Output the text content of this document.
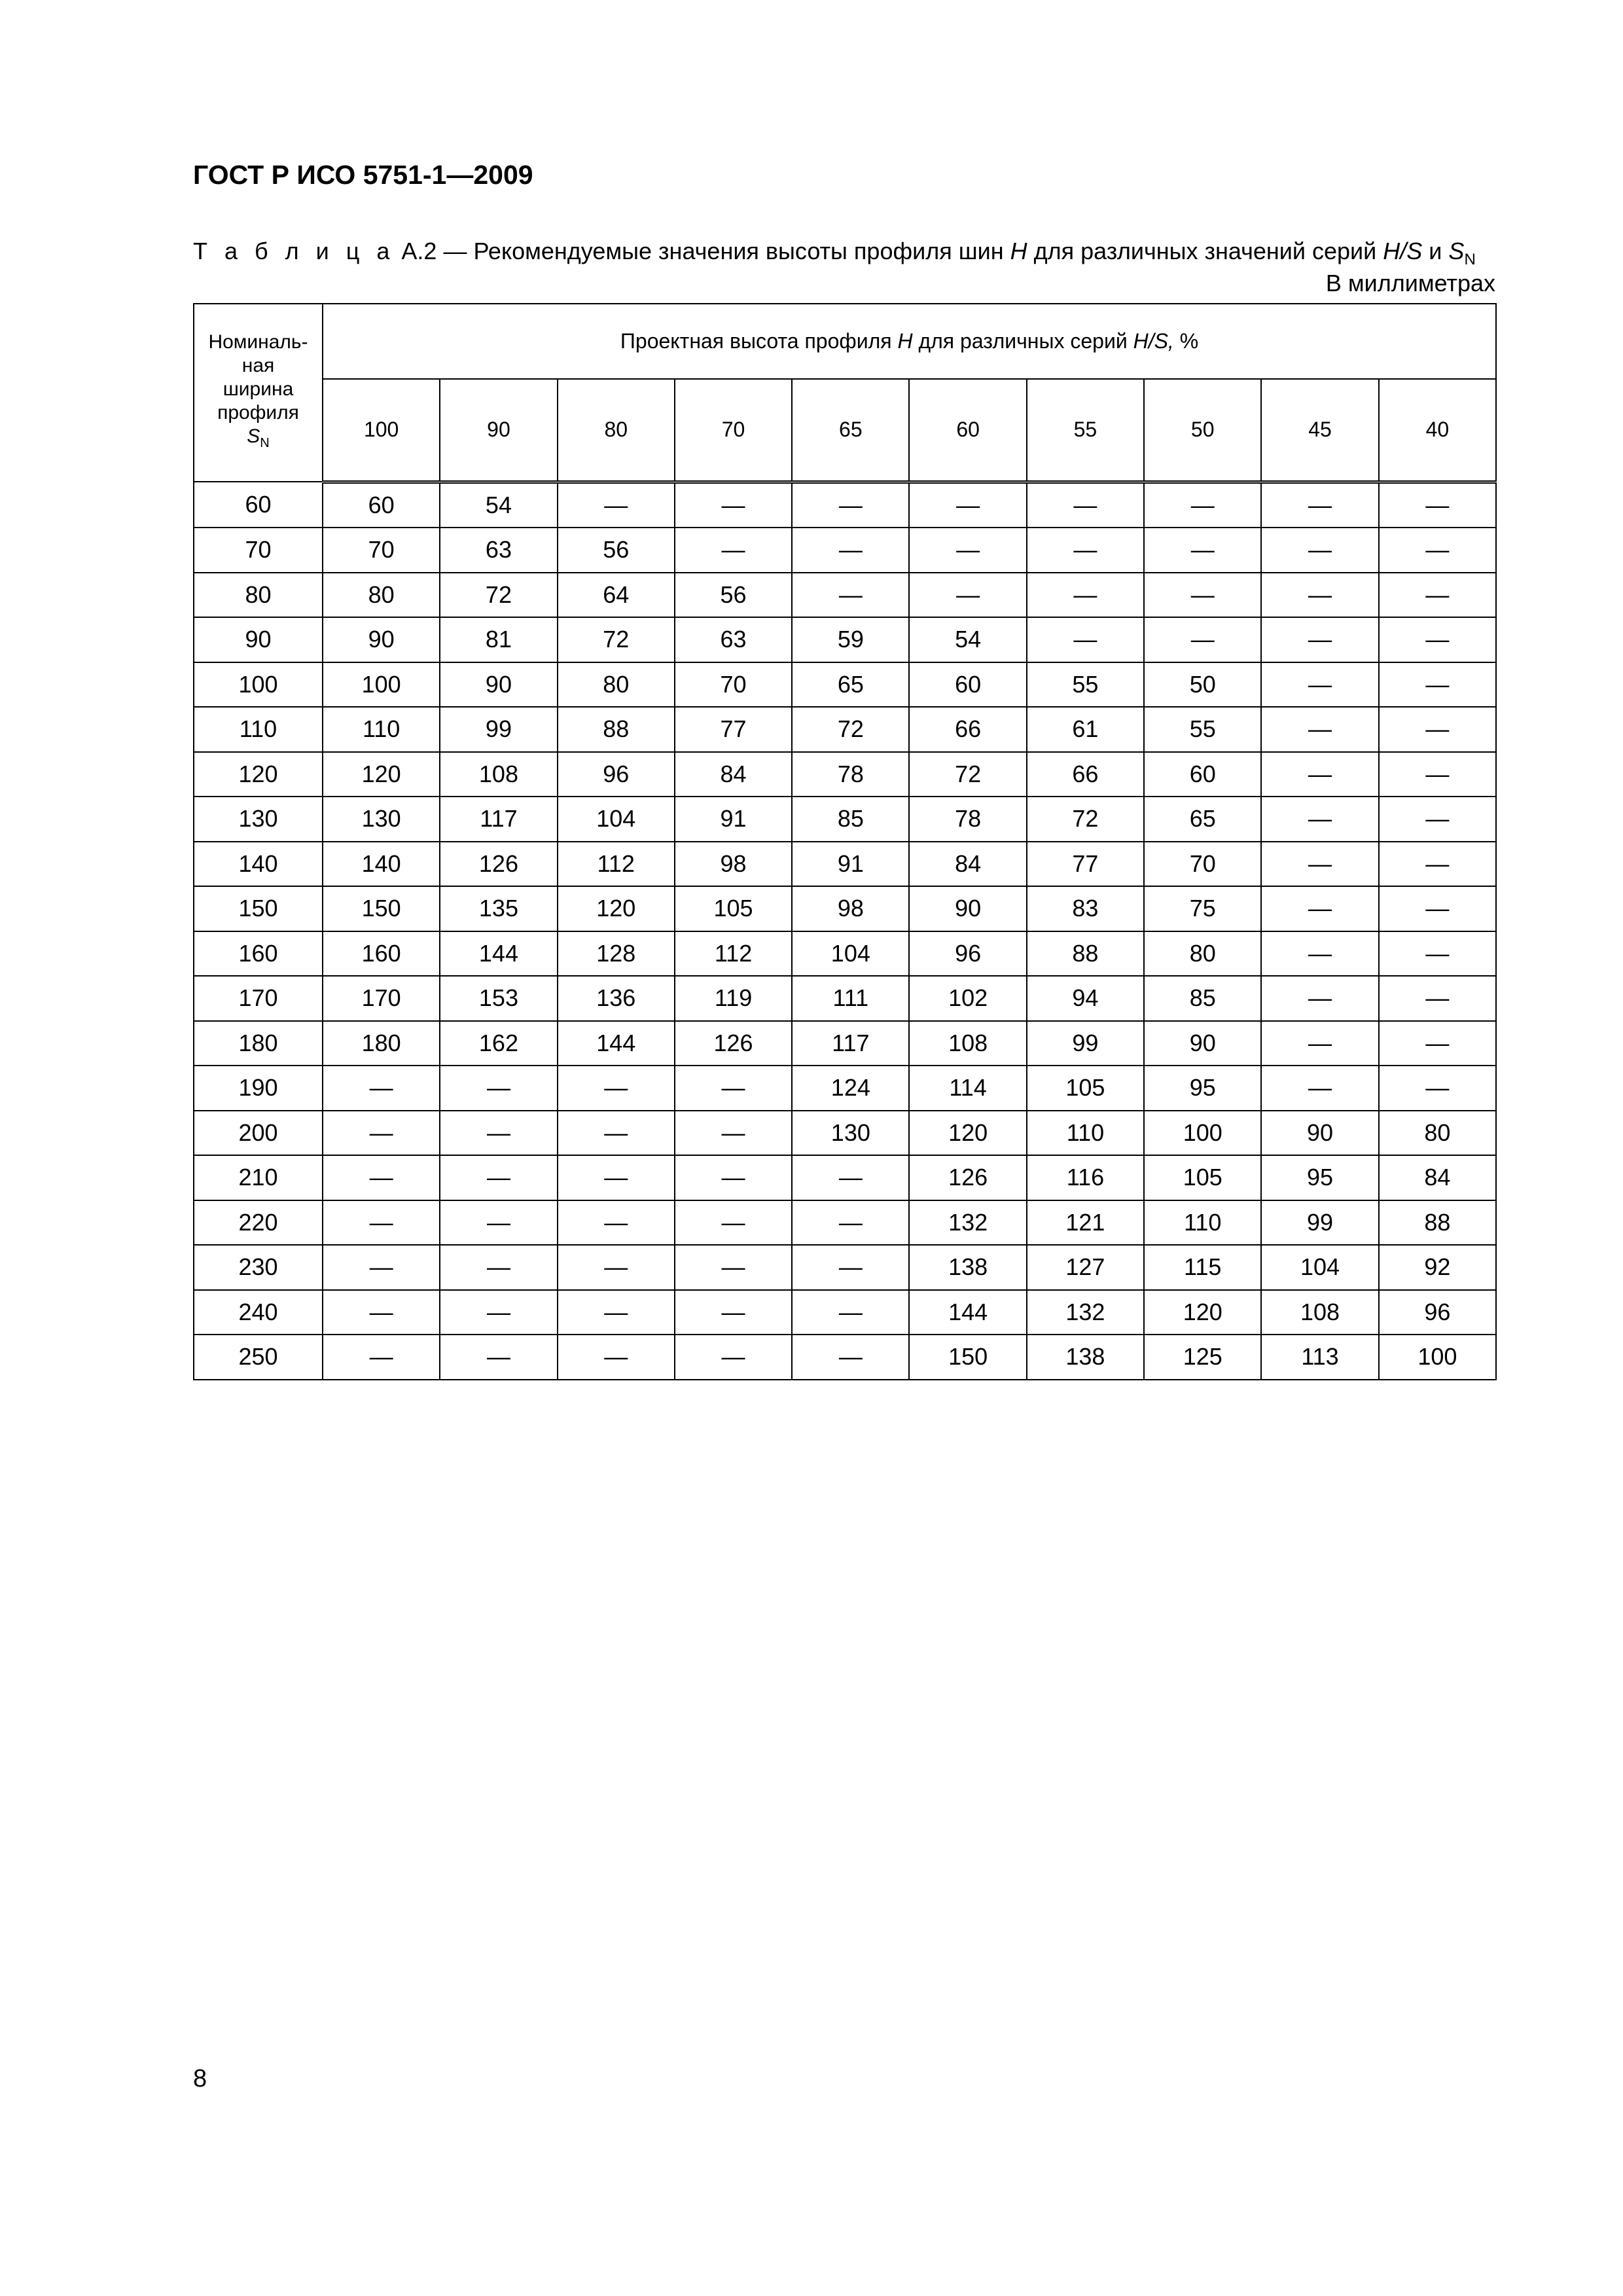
ГОСТ Р ИСО 5751-1—2009
Т а б л и ц а А.2 — Рекомендуемые значения высоты профиля шин H для различных значений серий H/S и $S_N$
В миллиметрах
Номиналь-
ная
ширина
профиля
$S_N$	Проектная высота профиля H для различных серий H/S, %									
	100	90	80	70	65	60	55	50	45	40
60	60	54	—	—	—	—	—	—	—	—
70	70	63	56	—	—	—	—	—	—	—
80	80	72	64	56	—	—	—	—	—	—
90	90	81	72	63	59	54	—	—	—	—
100	100	90	80	70	65	60	55	50	—	—
110	110	99	88	77	72	66	61	55	—	—
120	120	108	96	84	78	72	66	60	—	—
130	130	117	104	91	85	78	72	65	—	—
140	140	126	112	98	91	84	77	70	—	—
150	150	135	120	105	98	90	83	75	—	—
160	160	144	128	112	104	96	88	80	—	—
170	170	153	136	119	111	102	94	85	—	—
180	180	162	144	126	117	108	99	90	—	—
190	—	—	—	—	124	114	105	95	—	—
200	—	—	—	—	130	120	110	100	90	80
210	—	—	—	—	—	126	116	105	95	84
220	—	—	—	—	—	132	121	110	99	88
230	—	—	—	—	—	138	127	115	104	92
240	—	—	—	—	—	144	132	120	108	96
250	—	—	—	—	—	150	138	125	113	100
8
